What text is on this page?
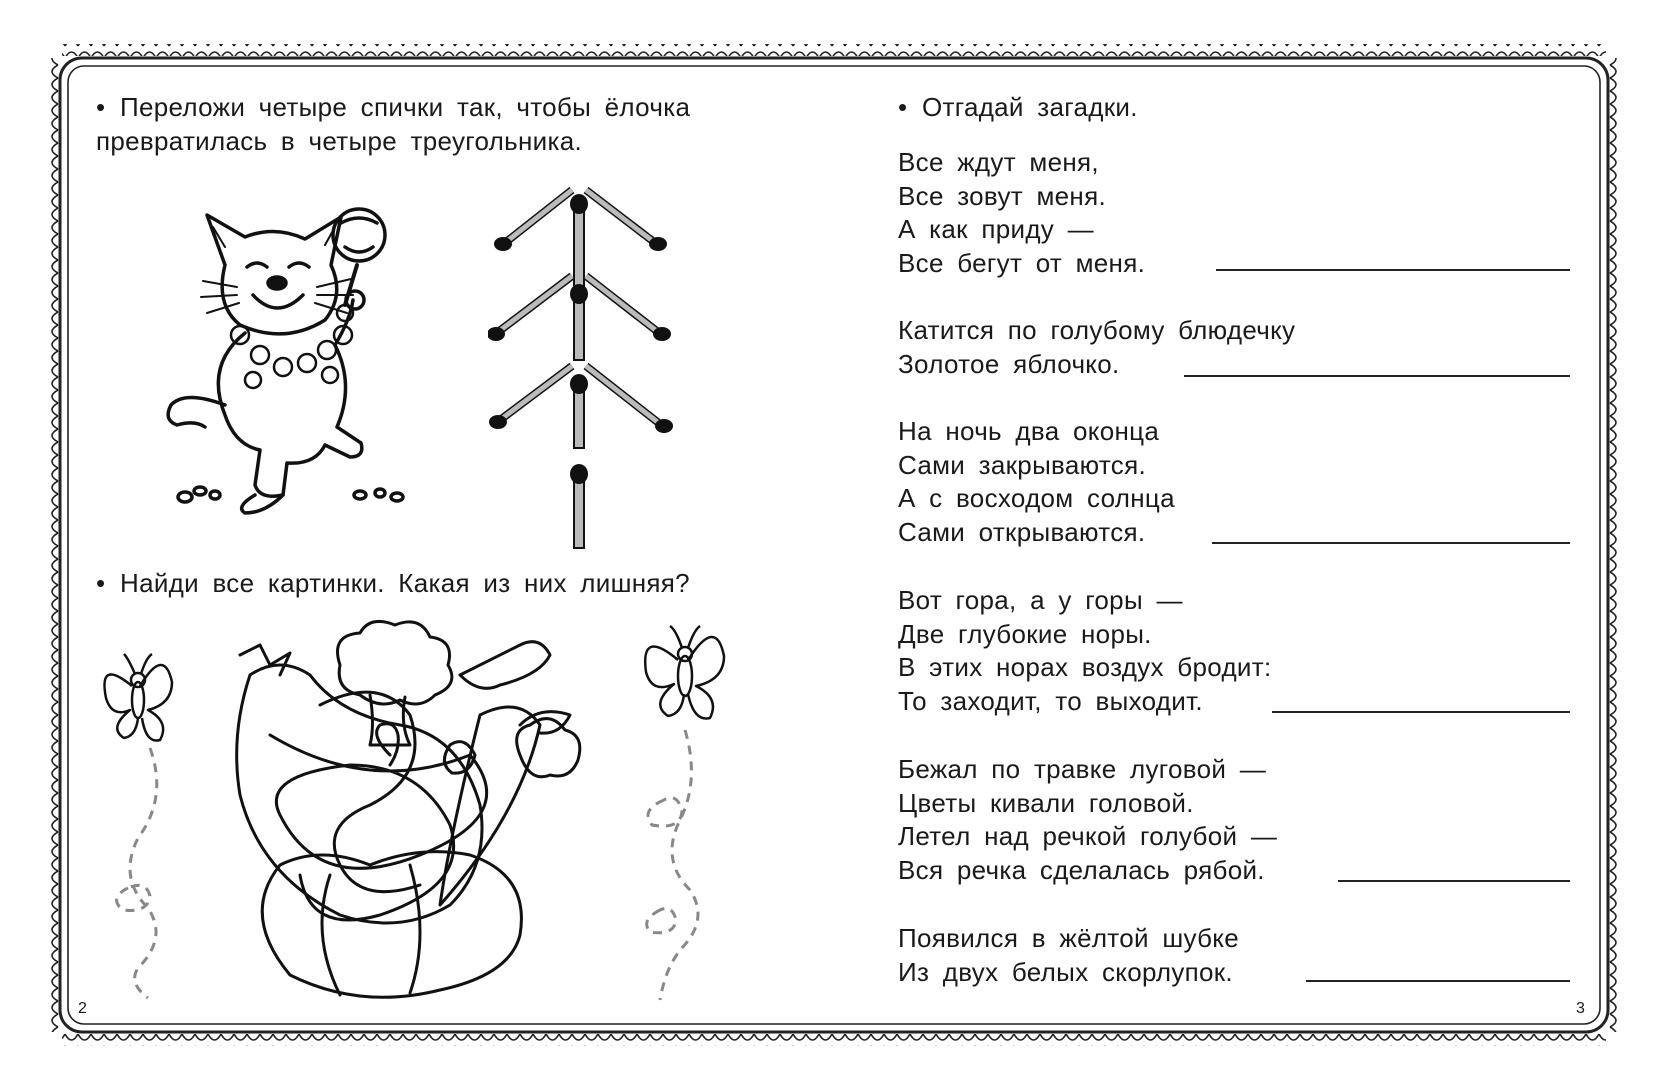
• Переложи четыре спички так, чтобы ёлочка
превратилась в четыре треугольника.
• Найди все картинки. Какая из них лишняя?
2
• Отгадай загадки.
Все ждут меня,
Все зовут меня.
А как приду —
Все бегут от меня.
Катится по голубому блюдечку
Золотое яблочко.
На ночь два оконца
Сами закрываются.
А с восходом солнца
Сами открываются.
Вот гора, а у горы —
Две глубокие норы.
В этих норах воздух бродит:
То заходит, то выходит.
Бежал по травке луговой —
Цветы кивали головой.
Летел над речкой голубой —
Вся речка сделалась рябой.
Появился в жёлтой шубке
Из двух белых скорлупок.
3
